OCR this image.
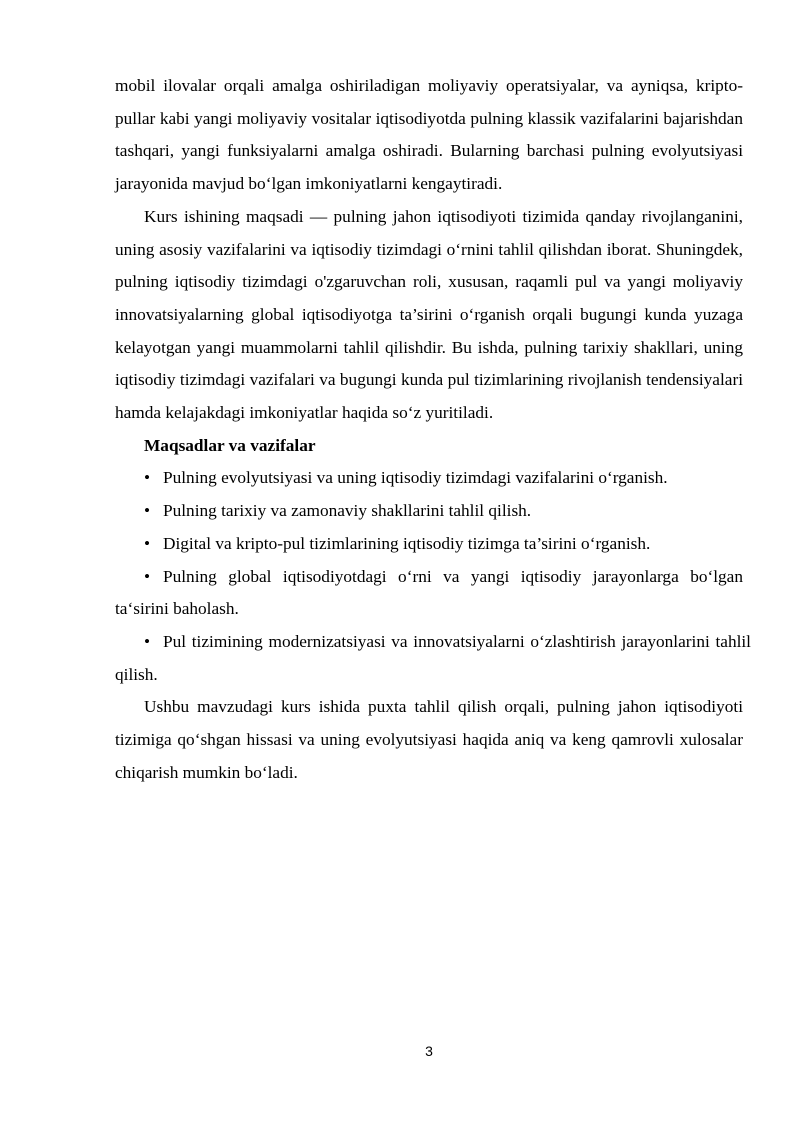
mobil ilovalar orqali amalga oshiriladigan moliyaviy operatsiyalar, va ayniqsa, kripto-pullar kabi yangi moliyaviy vositalar iqtisodiyotda pulning klassik vazifalarini bajarishdan tashqari, yangi funksiyalarni amalga oshiradi. Bularning barchasi pulning evolyutsiyasi jarayonida mavjud bo‘lgan imkoniyatlarni kengaytiradi.

Kurs ishining maqsadi — pulning jahon iqtisodiyoti tizimida qanday rivojlanganini, uning asosiy vazifalarini va iqtisodiy tizimdagi o‘rnini tahlil qilishdan iborat. Shuningdek, pulning iqtisodiy tizimdagi o'zgaruvchan roli, xususan, raqamli pul va yangi moliyaviy innovatsiyalarning global iqtisodiyotga ta’sirini o‘rganish orqali bugungi kunda yuzaga kelayotgan yangi muammolarni tahlil qilishdir. Bu ishda, pulning tarixiy shakllari, uning iqtisodiy tizimdagi vazifalari va bugungi kunda pul tizimlarining rivojlanish tendensiyalari hamda kelajakdagi imkoniyatlar haqida so‘z yuritiladi.

Maqsadlar va vazifalar

• Pulning evolyutsiyasi va uning iqtisodiy tizimdagi vazifalarini o‘rganish.

• Pulning tarixiy va zamonaviy shakllarini tahlil qilish.

• Digital va kripto-pul tizimlarining iqtisodiy tizimga ta’sirini o‘rganish.

• Pulning global iqtisodiyotdagi o‘rni va yangi iqtisodiy jarayonlarga bo‘lgan ta‘sirini baholash.

• Pul tizimining modernizatsiyasi va innovatsiyalarni o‘zlashtirish jarayonlarini tahlil qilish.

Ushbu mavzudagi kurs ishida puxta tahlil qilish orqali, pulning jahon iqtisodiyoti tizimiga qo‘shgan hissasi va uning evolyutsiyasi haqida aniq va keng qamrovli xulosalar chiqarish mumkin bo‘ladi.

3
